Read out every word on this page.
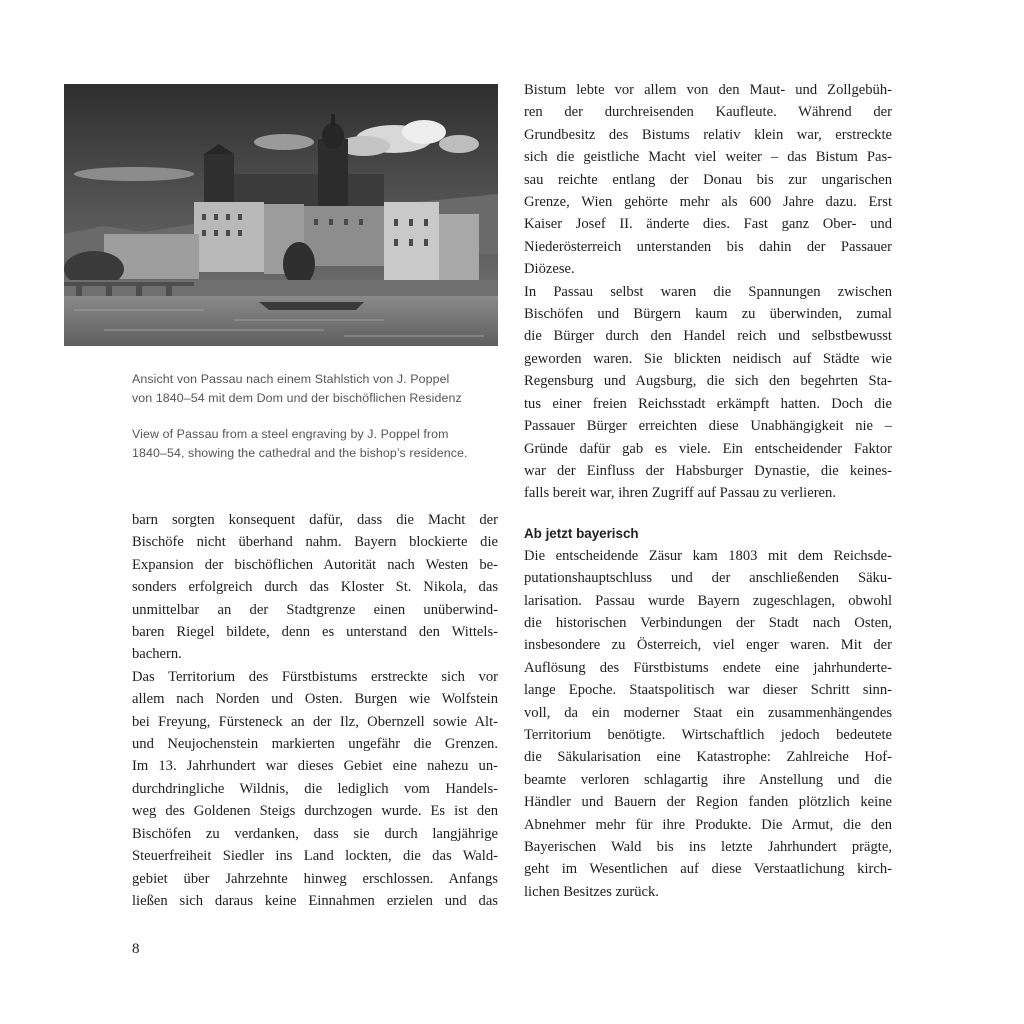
Ansicht von Passau nach einem Stahlstich von J. Poppel

von 1840–54 mit dem Dom und der bischöflichen Residenz

View of Passau from a steel engraving by J. Poppel from

1840–54, showing the cathedral and the bishop’s residence.

barn sorgten konsequent dafür, dass die Macht der
Bischöfe nicht überhand nahm. Bayern blockierte die
Expansion der bischöflichen Autorität nach Westen be-
sonders erfolgreich durch das Kloster St. Nikola, das
unmittelbar an der Stadtgrenze einen unüberwind-
baren Riegel bildete, denn es unterstand den Wittels-
bachern.
Das Territorium des Fürstbistums erstreckte sich vor
allem nach Norden und Osten. Burgen wie Wolfstein
bei Freyung, Fürsteneck an der Ilz, Obernzell sowie Alt-
und Neujochenstein markierten ungefähr die Grenzen.
Im 13. Jahrhundert war dieses Gebiet eine nahezu un-
durchdringliche Wildnis, die lediglich vom Handels-
weg des Goldenen Steigs durchzogen wurde. Es ist den
Bischöfen zu verdanken, dass sie durch langjährige
Steuerfreiheit Siedler ins Land lockten, die das Wald-
gebiet über Jahrzehnte hinweg erschlossen. Anfangs
ließen sich daraus keine Einnahmen erzielen und das
Bistum lebte vor allem von den Maut- und Zollgebüh-
ren der durchreisenden Kaufleute. Während der
Grundbesitz des Bistums relativ klein war, erstreckte
sich die geistliche Macht viel weiter – das Bistum Pas-
sau reichte entlang der Donau bis zur ungarischen
Grenze, Wien gehörte mehr als 600 Jahre dazu. Erst
Kaiser Josef II. änderte dies. Fast ganz Ober- und
Niederösterreich unterstanden bis dahin der Passauer
Diözese.
In Passau selbst waren die Spannungen zwischen
Bischöfen und Bürgern kaum zu überwinden, zumal
die Bürger durch den Handel reich und selbstbewusst
geworden waren. Sie blickten neidisch auf Städte wie
Regensburg und Augsburg, die sich den begehrten Sta-
tus einer freien Reichsstadt erkämpft hatten. Doch die
Passauer Bürger erreichten diese Unabhängigkeit nie –
Gründe dafür gab es viele. Ein entscheidender Faktor
war der Einfluss der Habsburger Dynastie, die keines-
falls bereit war, ihren Zugriff auf Passau zu verlieren.
Ab jetzt bayerisch
Die entscheidende Zäsur kam 1803 mit dem Reichsde-
putationshauptschluss und der anschließenden Säku-
larisation. Passau wurde Bayern zugeschlagen, obwohl
die historischen Verbindungen der Stadt nach Osten,
insbesondere zu Österreich, viel enger waren. Mit der
Auflösung des Fürstbistums endete eine jahrhunderte-
lange Epoche. Staatspolitisch war dieser Schritt sinn-
voll, da ein moderner Staat ein zusammenhängendes
Territorium benötigte. Wirtschaftlich jedoch bedeutete
die Säkularisation eine Katastrophe: Zahlreiche Hof-
beamte verloren schlagartig ihre Anstellung und die
Händler und Bauern der Region fanden plötzlich keine
Abnehmer mehr für ihre Produkte. Die Armut, die den
Bayerischen Wald bis ins letzte Jahrhundert prägte,
geht im Wesentlichen auf diese Verstaatlichung kirch-
lichen Besitzes zurück.
8
